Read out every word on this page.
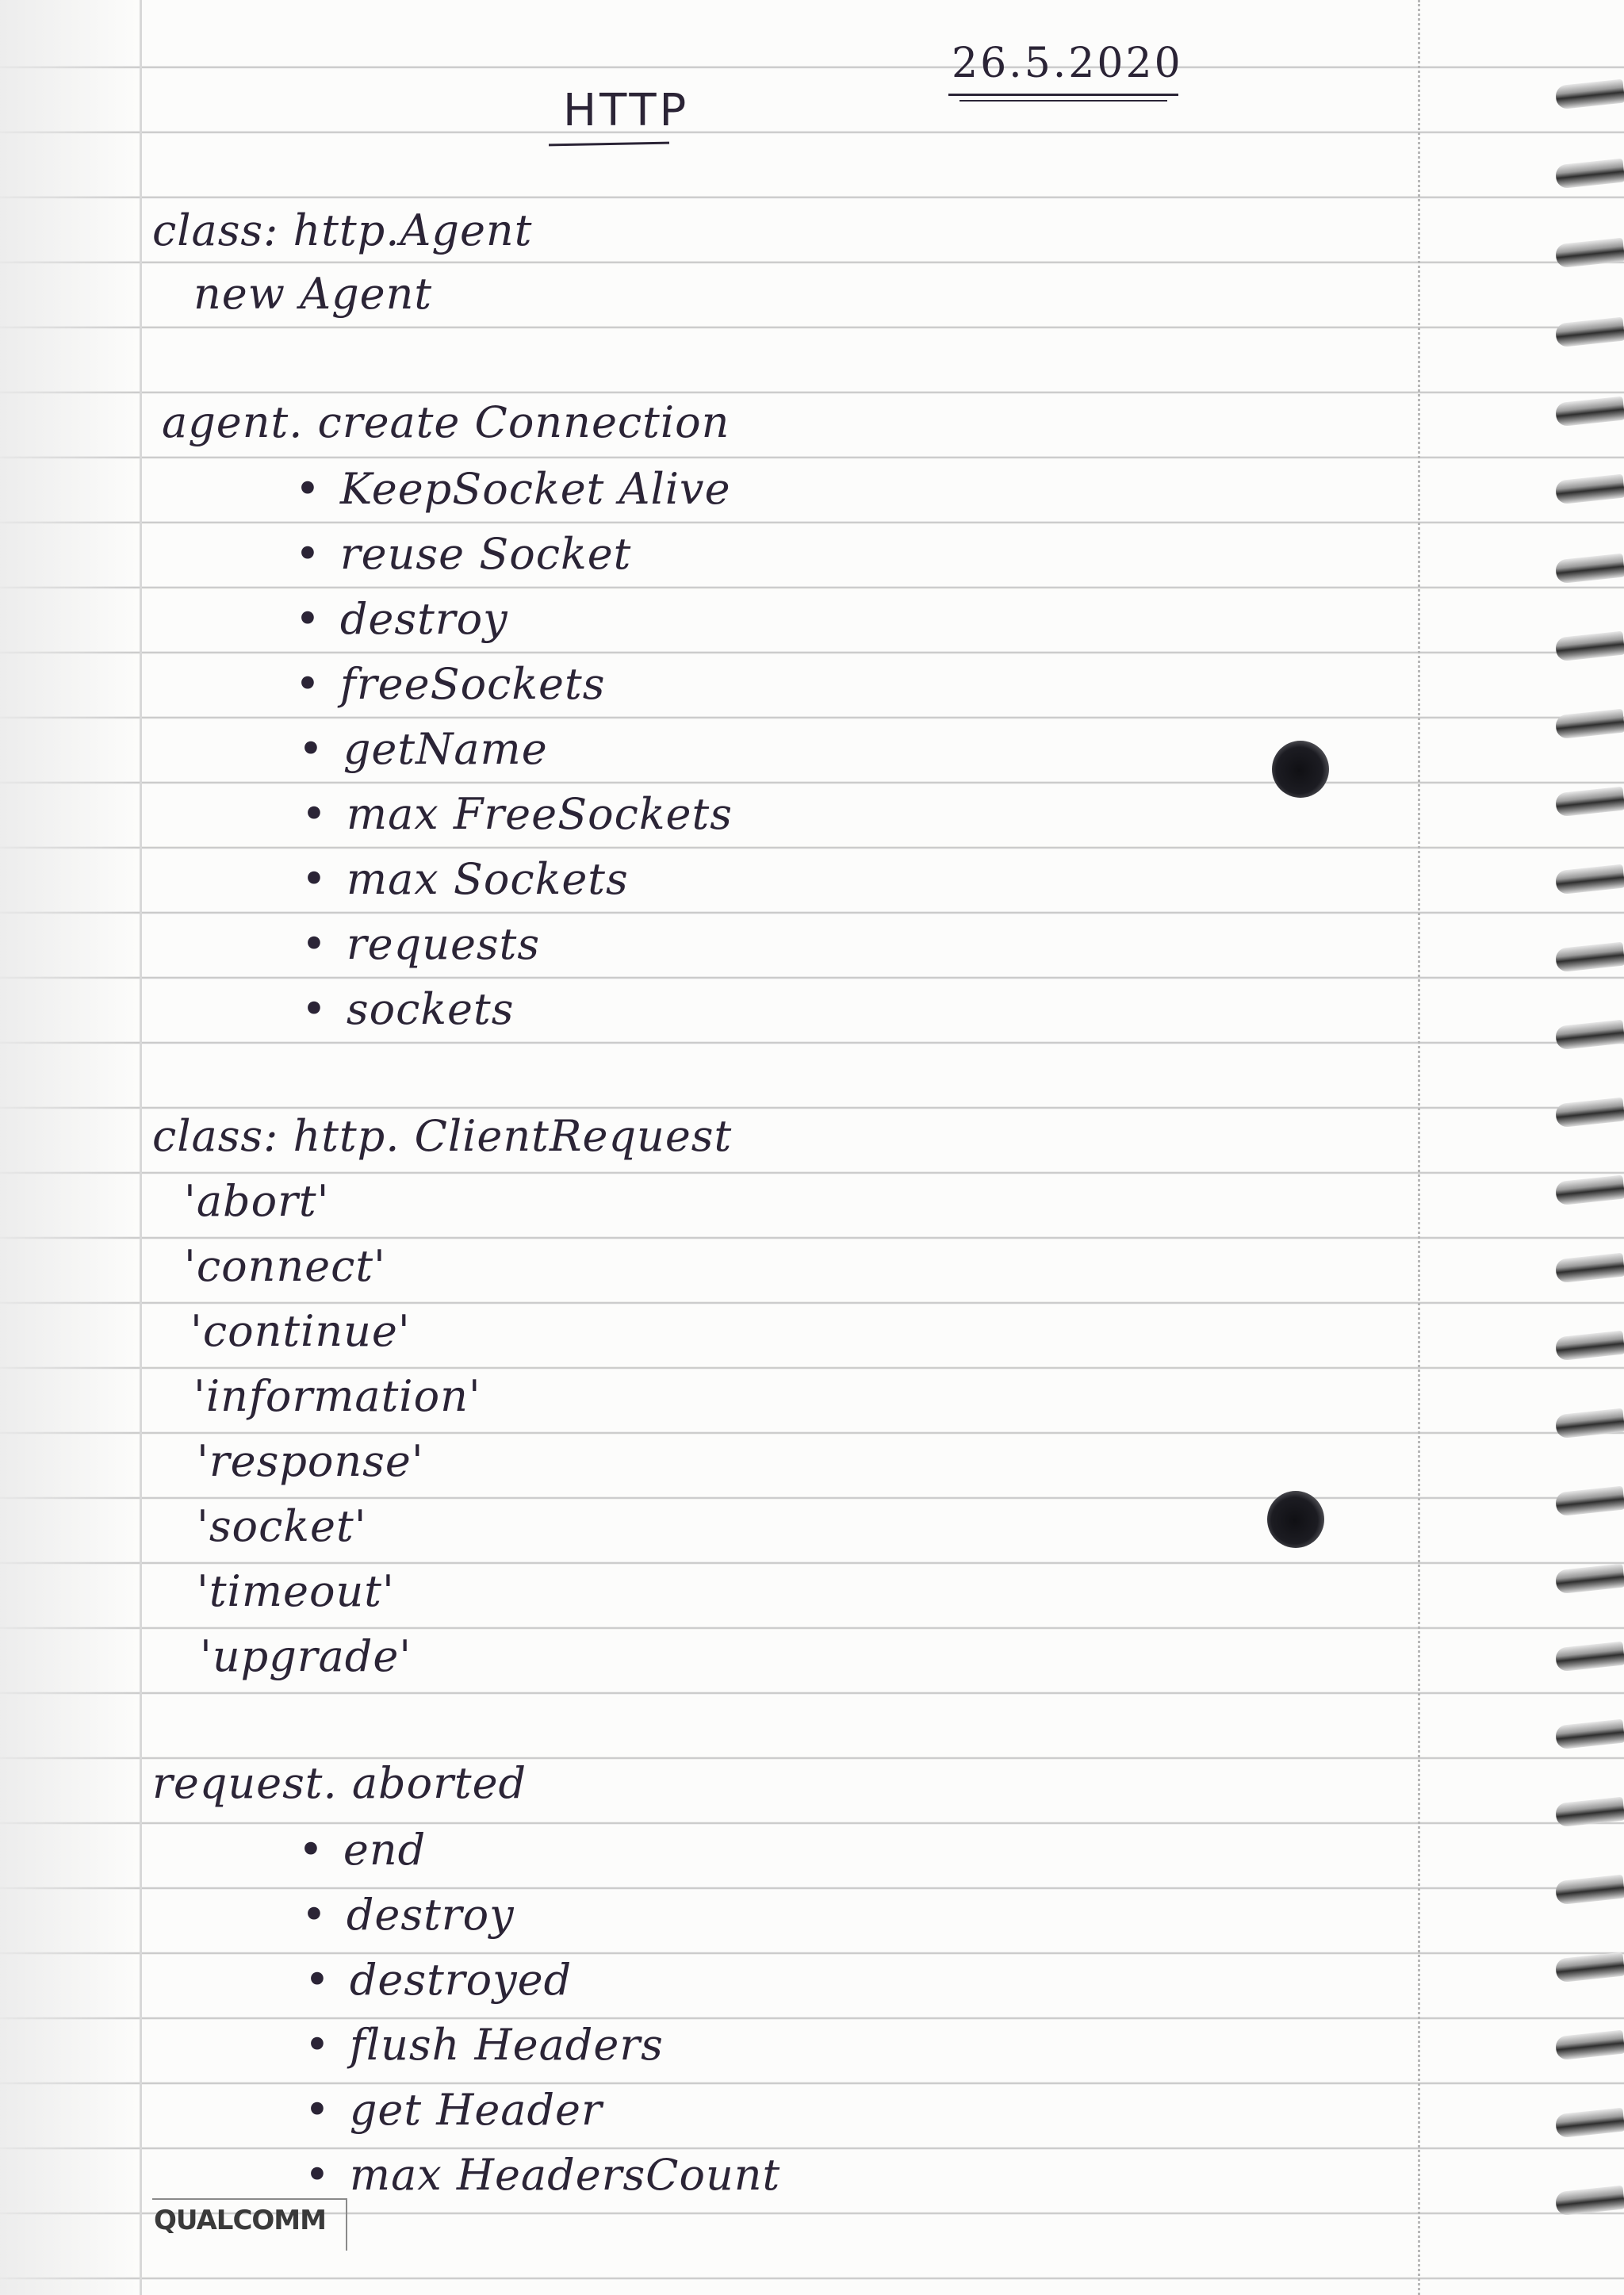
26.5.2020
HTTP
class: http.Agent
new Agent
agent. create Connection
• KeepSocket Alive
• reuse Socket
• destroy
• freeSockets
• getName
• max FreeSockets
• max Sockets
• requests
• sockets
class: http. ClientRequest
'abort'
'connect'
'continue'
'information'
'response'
'socket'
'timeout'
'upgrade'
request. aborted
• end
• destroy
• destroyed
• flush Headers
• get Header
• max HeadersCount
QUALCOMM
